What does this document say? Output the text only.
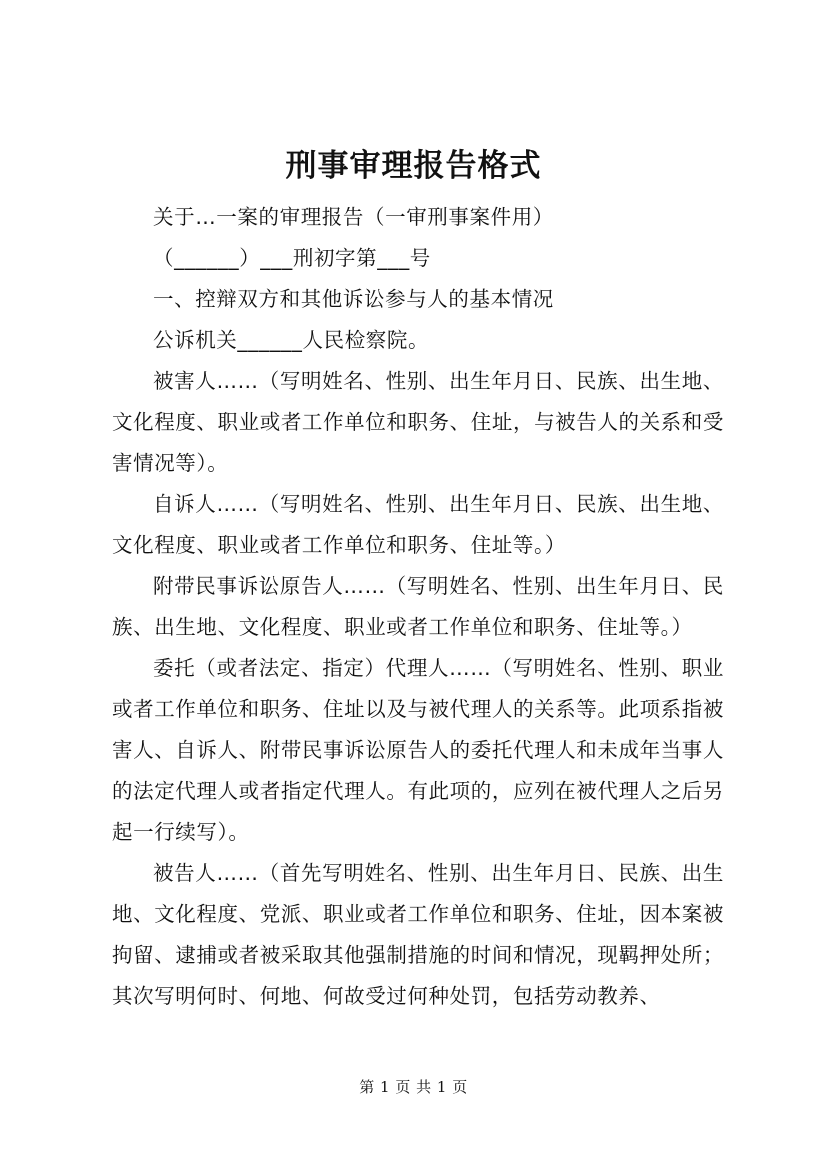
刑事审理报告格式

关于…一案的审理报告（一审刑事案件用）

（______）___刑初字第___号

一、控辩双方和其他诉讼参与人的基本情况

公诉机关______人民检察院。

被害人……（写明姓名、性别、出生年月日、民族、出生地、文化程度、职业或者工作单位和职务、住址，与被告人的关系和受害情况等）。

自诉人……（写明姓名、性别、出生年月日、民族、出生地、文化程度、职业或者工作单位和职务、住址等。）

附带民事诉讼原告人……（写明姓名、性别、出生年月日、民族、出生地、文化程度、职业或者工作单位和职务、住址等。）

委托（或者法定、指定）代理人……（写明姓名、性别、职业或者工作单位和职务、住址以及与被代理人的关系等。此项系指被害人、自诉人、附带民事诉讼原告人的委托代理人和未成年当事人的法定代理人或者指定代理人。有此项的，应列在被代理人之后另起一行续写）。

被告人……（首先写明姓名、性别、出生年月日、民族、出生地、文化程度、党派、职业或者工作单位和职务、住址，因本案被拘留、逮捕或者被采取其他强制措施的时间和情况，现羁押处所；其次写明何时、何地、何故受过何种处罚，包括劳动教养、

第 1 页 共 1 页
